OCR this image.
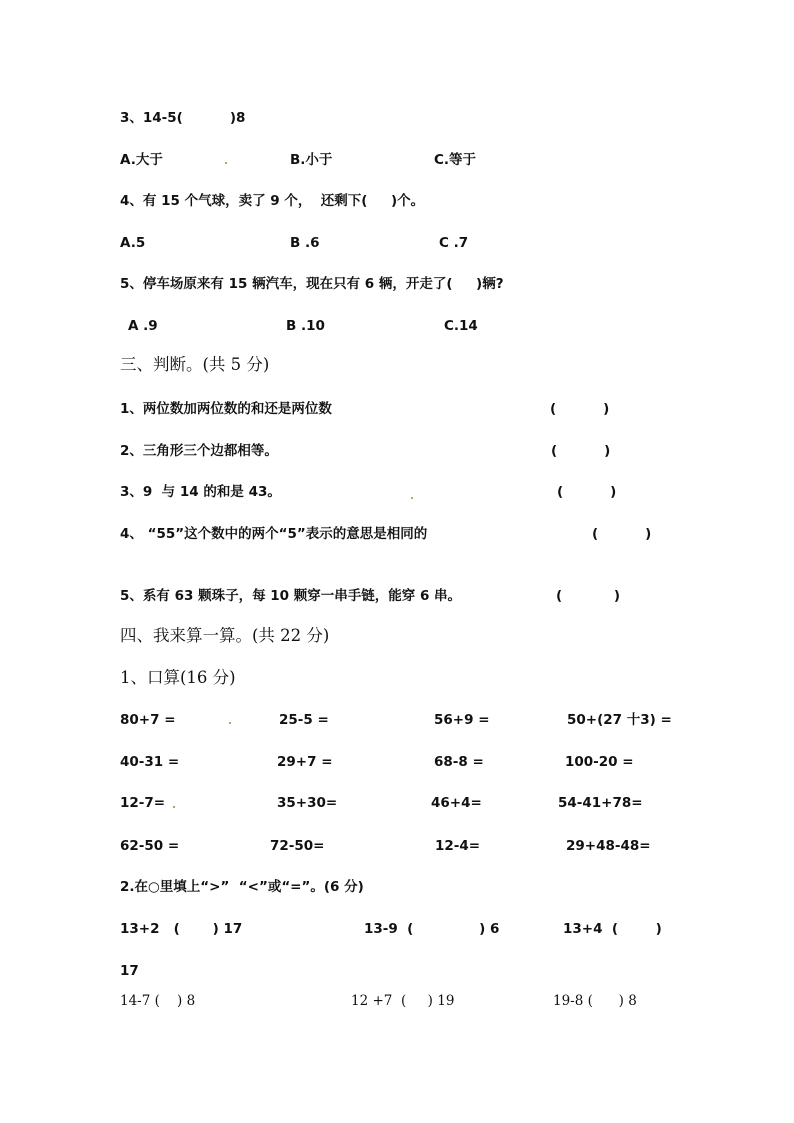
3、14-5(          )8
A.大于	B.小于	C.等于
4、有 15 个气球，卖了 9 个，  还剩下(     )个。
A.5	B .6	C .7
5、停车场原来有 15 辆汽车，现在只有 6 辆，开走了(     )辆?
A .9	B .10	C.14
三、判断。(共 5 分)
1、两位数加两位数的和还是两位数	(          )
2、三角形三个边都相等。	(          )
3、9  与 14 的和是 43。	(          )
4、 “55”这个数中的两个“5”表示的意思是相同的	(          )
5、系有 63 颗珠子，每 10 颗穿一串手链，能穿 6 串。	(           )
四、我来算一算。(共 22 分)
1、口算(16 分)
80+7 =	25-5 =	56+9 =	50+(27 十3) =
40-31 =	29+7 =	68-8 =	100-20 =
12-7=	35+30=	46+4=	54-41+78=
62-50 =	72-50=	12-4=	29+48-48=
2.在○里填上“>”  “<”或“=”。(6 分)
13+2   (       ) 17	13-9  (              ) 6	13+4  (        )
17
14-7 (    ) 8	12 +7  (     ) 19	19-8 (      ) 8
